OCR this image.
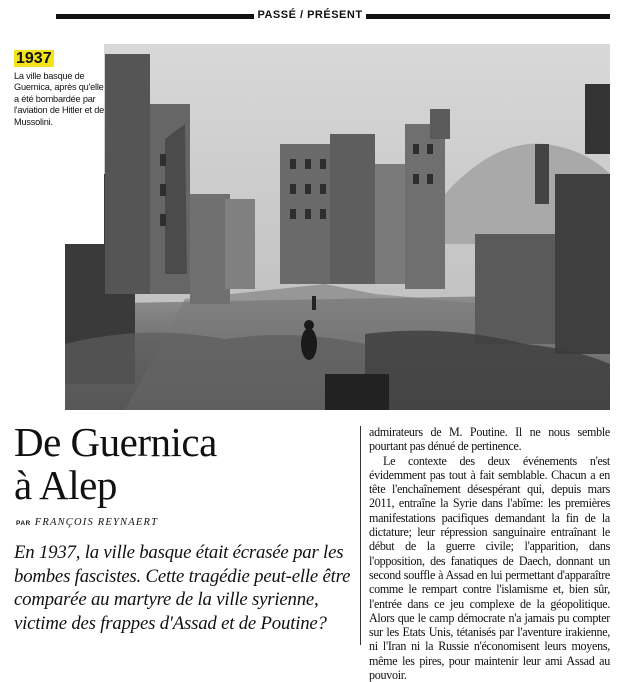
PASSÉ / PRÉSENT
1937
La ville basque de Guernica, après qu'elle a été bombardée par l'aviation de Hitler et de Mussolini.
De Guernica
à Alep
PAR FRANÇOIS REYNAERT
En 1937, la ville basque était écrasée par les bombes fascistes. Cette tragédie peut-elle être comparée au martyre de la ville syrienne, victime des frappes d'Assad et de Poutine?

admirateurs de M. Poutine. Il ne nous semble pourtant pas dénué de pertinence.

Le contexte des deux événements n'est évidemment pas tout à fait semblable. Chacun a en tête l'enchaînement désespérant qui, depuis mars 2011, entraîne la Syrie dans l'abîme: les premières manifestations pacifiques demandant la fin de la dictature; leur répression sanguinaire entraînant le début de la guerre civile; l'apparition, dans l'opposition, des fanatiques de Daech, donnant un second souffle à Assad en lui permettant d'apparaître comme le rempart contre l'islamisme et, bien sûr, l'entrée dans ce jeu complexe de la géopolitique. Alors que le camp démocrate n'a jamais pu compter sur les Etats Unis, tétanisés par l'aventure irakienne, ni l'Iran ni la Russie n'économisent leurs moyens, même les pires, pour maintenir leur ami Assad au pouvoir.
